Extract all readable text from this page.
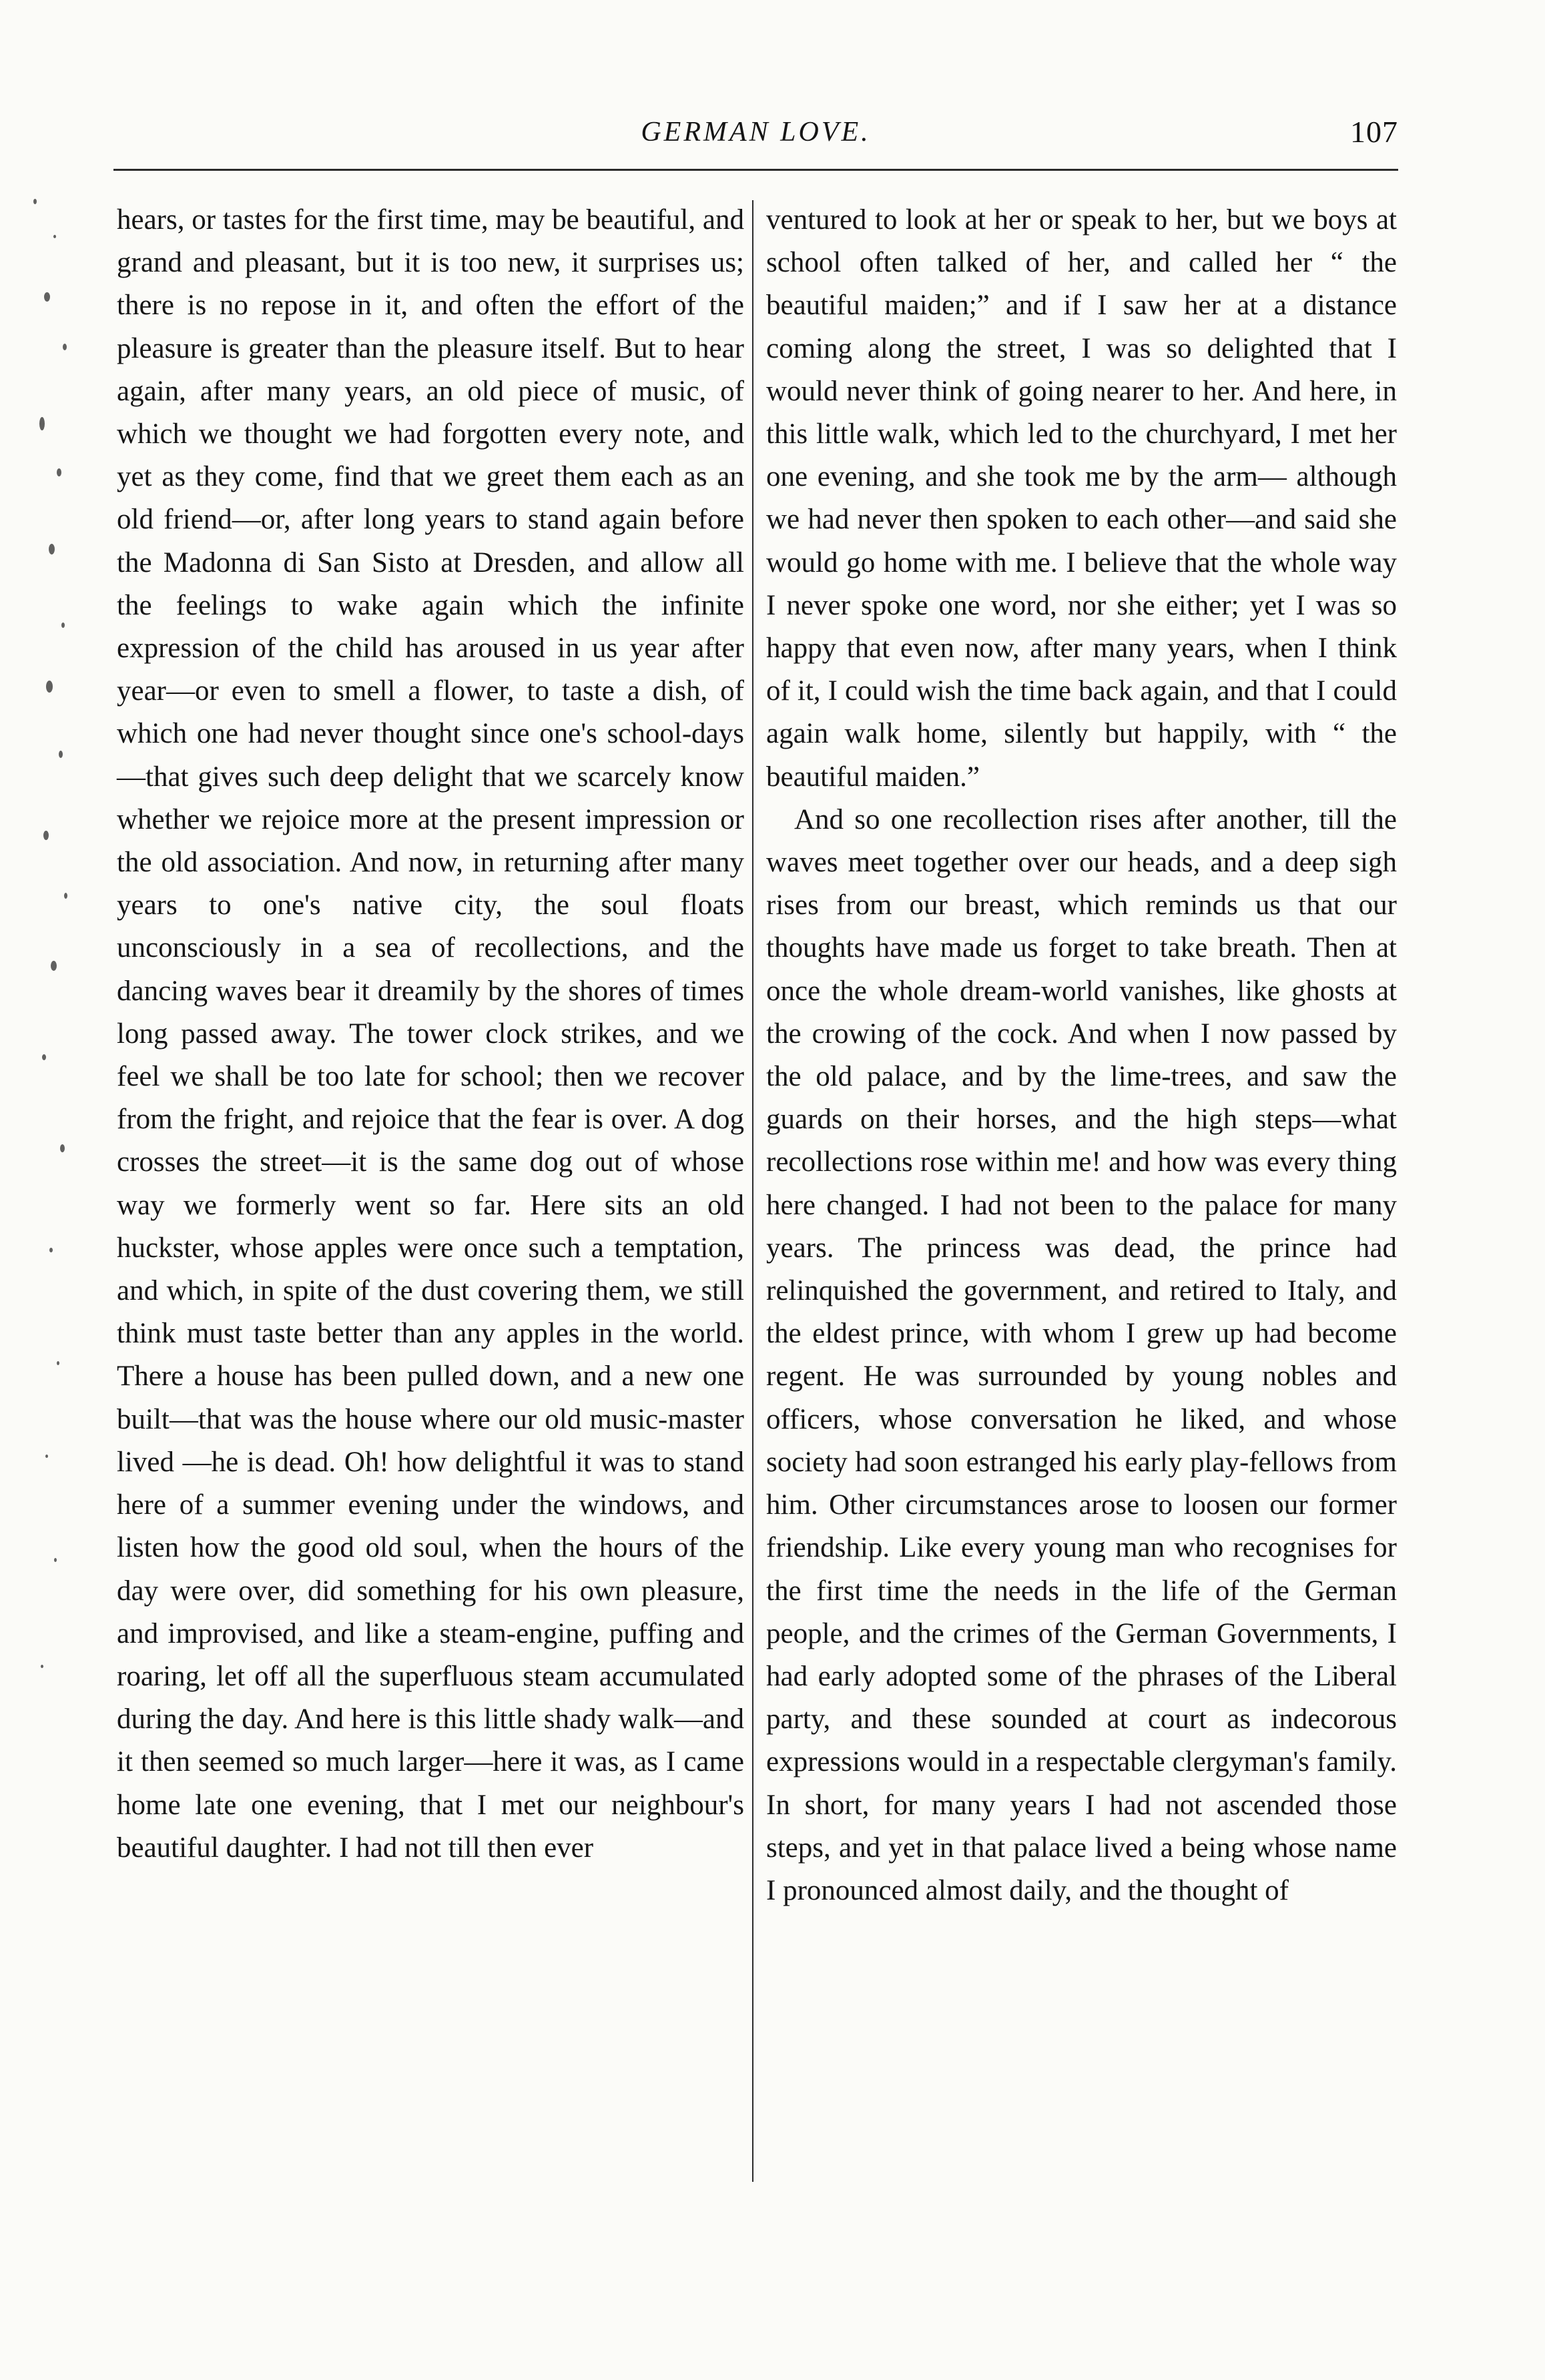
GERMAN LOVE.	107

hears, or tastes for the first time, may be beautiful, and grand and pleasant, but it is too new, it surprises us; there is no repose in it, and often the effort of the pleasure is greater than the pleasure itself. But to hear again, after many years, an old piece of music, of which we thought we had forgotten every note, and yet as they come, find that we greet them each as an old friend—or, after long years to stand again before the Madonna di San Sisto at Dresden, and allow all the feelings to wake again which the infinite expression of the child has aroused in us year after year—or even to smell a flower, to taste a dish, of which one had never thought since one's school-days—that gives such deep delight that we scarcely know whether we rejoice more at the present impression or the old association. And now, in returning after many years to one's native city, the soul floats unconsciously in a sea of recollections, and the dancing waves bear it dreamily by the shores of times long passed away. The tower clock strikes, and we feel we shall be too late for school; then we recover from the fright, and rejoice that the fear is over. A dog crosses the street—it is the same dog out of whose way we formerly went so far. Here sits an old huckster, whose apples were once such a temptation, and which, in spite of the dust covering them, we still think must taste better than any apples in the world. There a house has been pulled down, and a new one built—that was the house where our old music-master lived —he is dead. Oh! how delightful it was to stand here of a summer evening under the windows, and listen how the good old soul, when the hours of the day were over, did something for his own pleasure, and improvised, and like a steam-engine, puffing and roaring, let off all the superfluous steam accumulated during the day. And here is this little shady walk—and it then seemed so much larger—here it was, as I came home late one evening, that I met our neighbour's beautiful daughter. I had not till then ever

ventured to look at her or speak to her, but we boys at school often talked of her, and called her “ the beautiful maiden;” and if I saw her at a distance coming along the street, I was so delighted that I would never think of going nearer to her. And here, in this little walk, which led to the churchyard, I met her one evening, and she took me by the arm— although we had never then spoken to each other—and said she would go home with me. I believe that the whole way I never spoke one word, nor she either; yet I was so happy that even now, after many years, when I think of it, I could wish the time back again, and that I could again walk home, silently but happily, with “ the beautiful maiden.”

And so one recollection rises after another, till the waves meet together over our heads, and a deep sigh rises from our breast, which reminds us that our thoughts have made us forget to take breath. Then at once the whole dream-world vanishes, like ghosts at the crowing of the cock. And when I now passed by the old palace, and by the lime-trees, and saw the guards on their horses, and the high steps—what recollections rose within me! and how was every thing here changed. I had not been to the palace for many years. The princess was dead, the prince had relinquished the government, and retired to Italy, and the eldest prince, with whom I grew up had become regent. He was surrounded by young nobles and officers, whose conversation he liked, and whose society had soon estranged his early play-fellows from him. Other circumstances arose to loosen our former friendship. Like every young man who recognises for the first time the needs in the life of the German people, and the crimes of the German Governments, I had early adopted some of the phrases of the Liberal party, and these sounded at court as indecorous expressions would in a respectable clergyman's family. In short, for many years I had not ascended those steps, and yet in that palace lived a being whose name I pronounced almost daily, and the thought of
